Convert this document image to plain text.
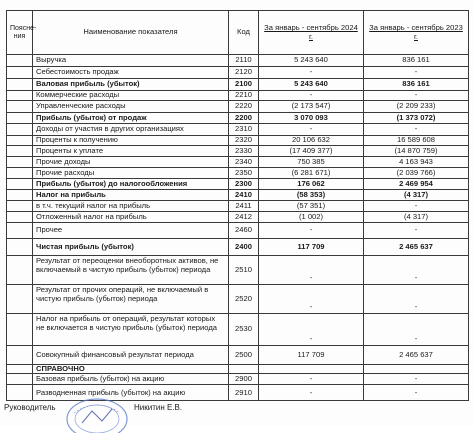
Поясне- ния	Наименование показателя	Код	За январь - сентябрь 2024 г.	За январь - сентябрь 2023 г.

	Выручка	2110	5 243 640	836 161
	Себестоимость продаж	2120	-	-
	Валовая прибыль (убыток)	2100	5 243 640	836 161
	Коммерческие расходы	2210	-	-
	Управленческие расходы	2220	(2 173 547)	(2 209 233)
	Прибыль (убыток) от продаж	2200	3 070 093	(1 373 072)
	Доходы от участия в других организациях	2310	-	-
	Проценты к получению	2320	20 106 632	16 589 608
	Проценты к уплате	2330	(17 409 377)	(14 870 759)
	Прочие доходы	2340	750 385	4 163 943
	Прочие расходы	2350	(6 281 671)	(2 039 766)
	Прибыль (убыток) до налогообложения	2300	176 062	2 469 954
	Налог на прибыль	2410	(58 353)	(4 317)
	в т.ч. текущий налог на прибыль	2411	(57 351)	-
	Отложенный налог на прибыль	2412	(1 002)	(4 317)
	Прочее	2460	-	-
	Чистая прибыль (убыток)	2400	117 709	2 465 637
	Результат от переоценки внеоборотных активов, не включаемый в чистую прибыль (убыток) периода	2510	-	-
	Результат от прочих операций, не включаемый в чистую прибыль (убыток) периода	2520	-	-
	Налог на прибыль от операций, результат которых не включается в чистую прибыль (убыток) периода	2530	-	-
	Совокупный финансовый результат периода	2500	117 709	2 465 637
	СПРАВОЧНО			
	Базовая прибыль (убыток) на акцию	2900	-	-
	Разводненная прибыль (убыток) на акцию	2910	-	-
Руководитель	Никитин Е.В.
